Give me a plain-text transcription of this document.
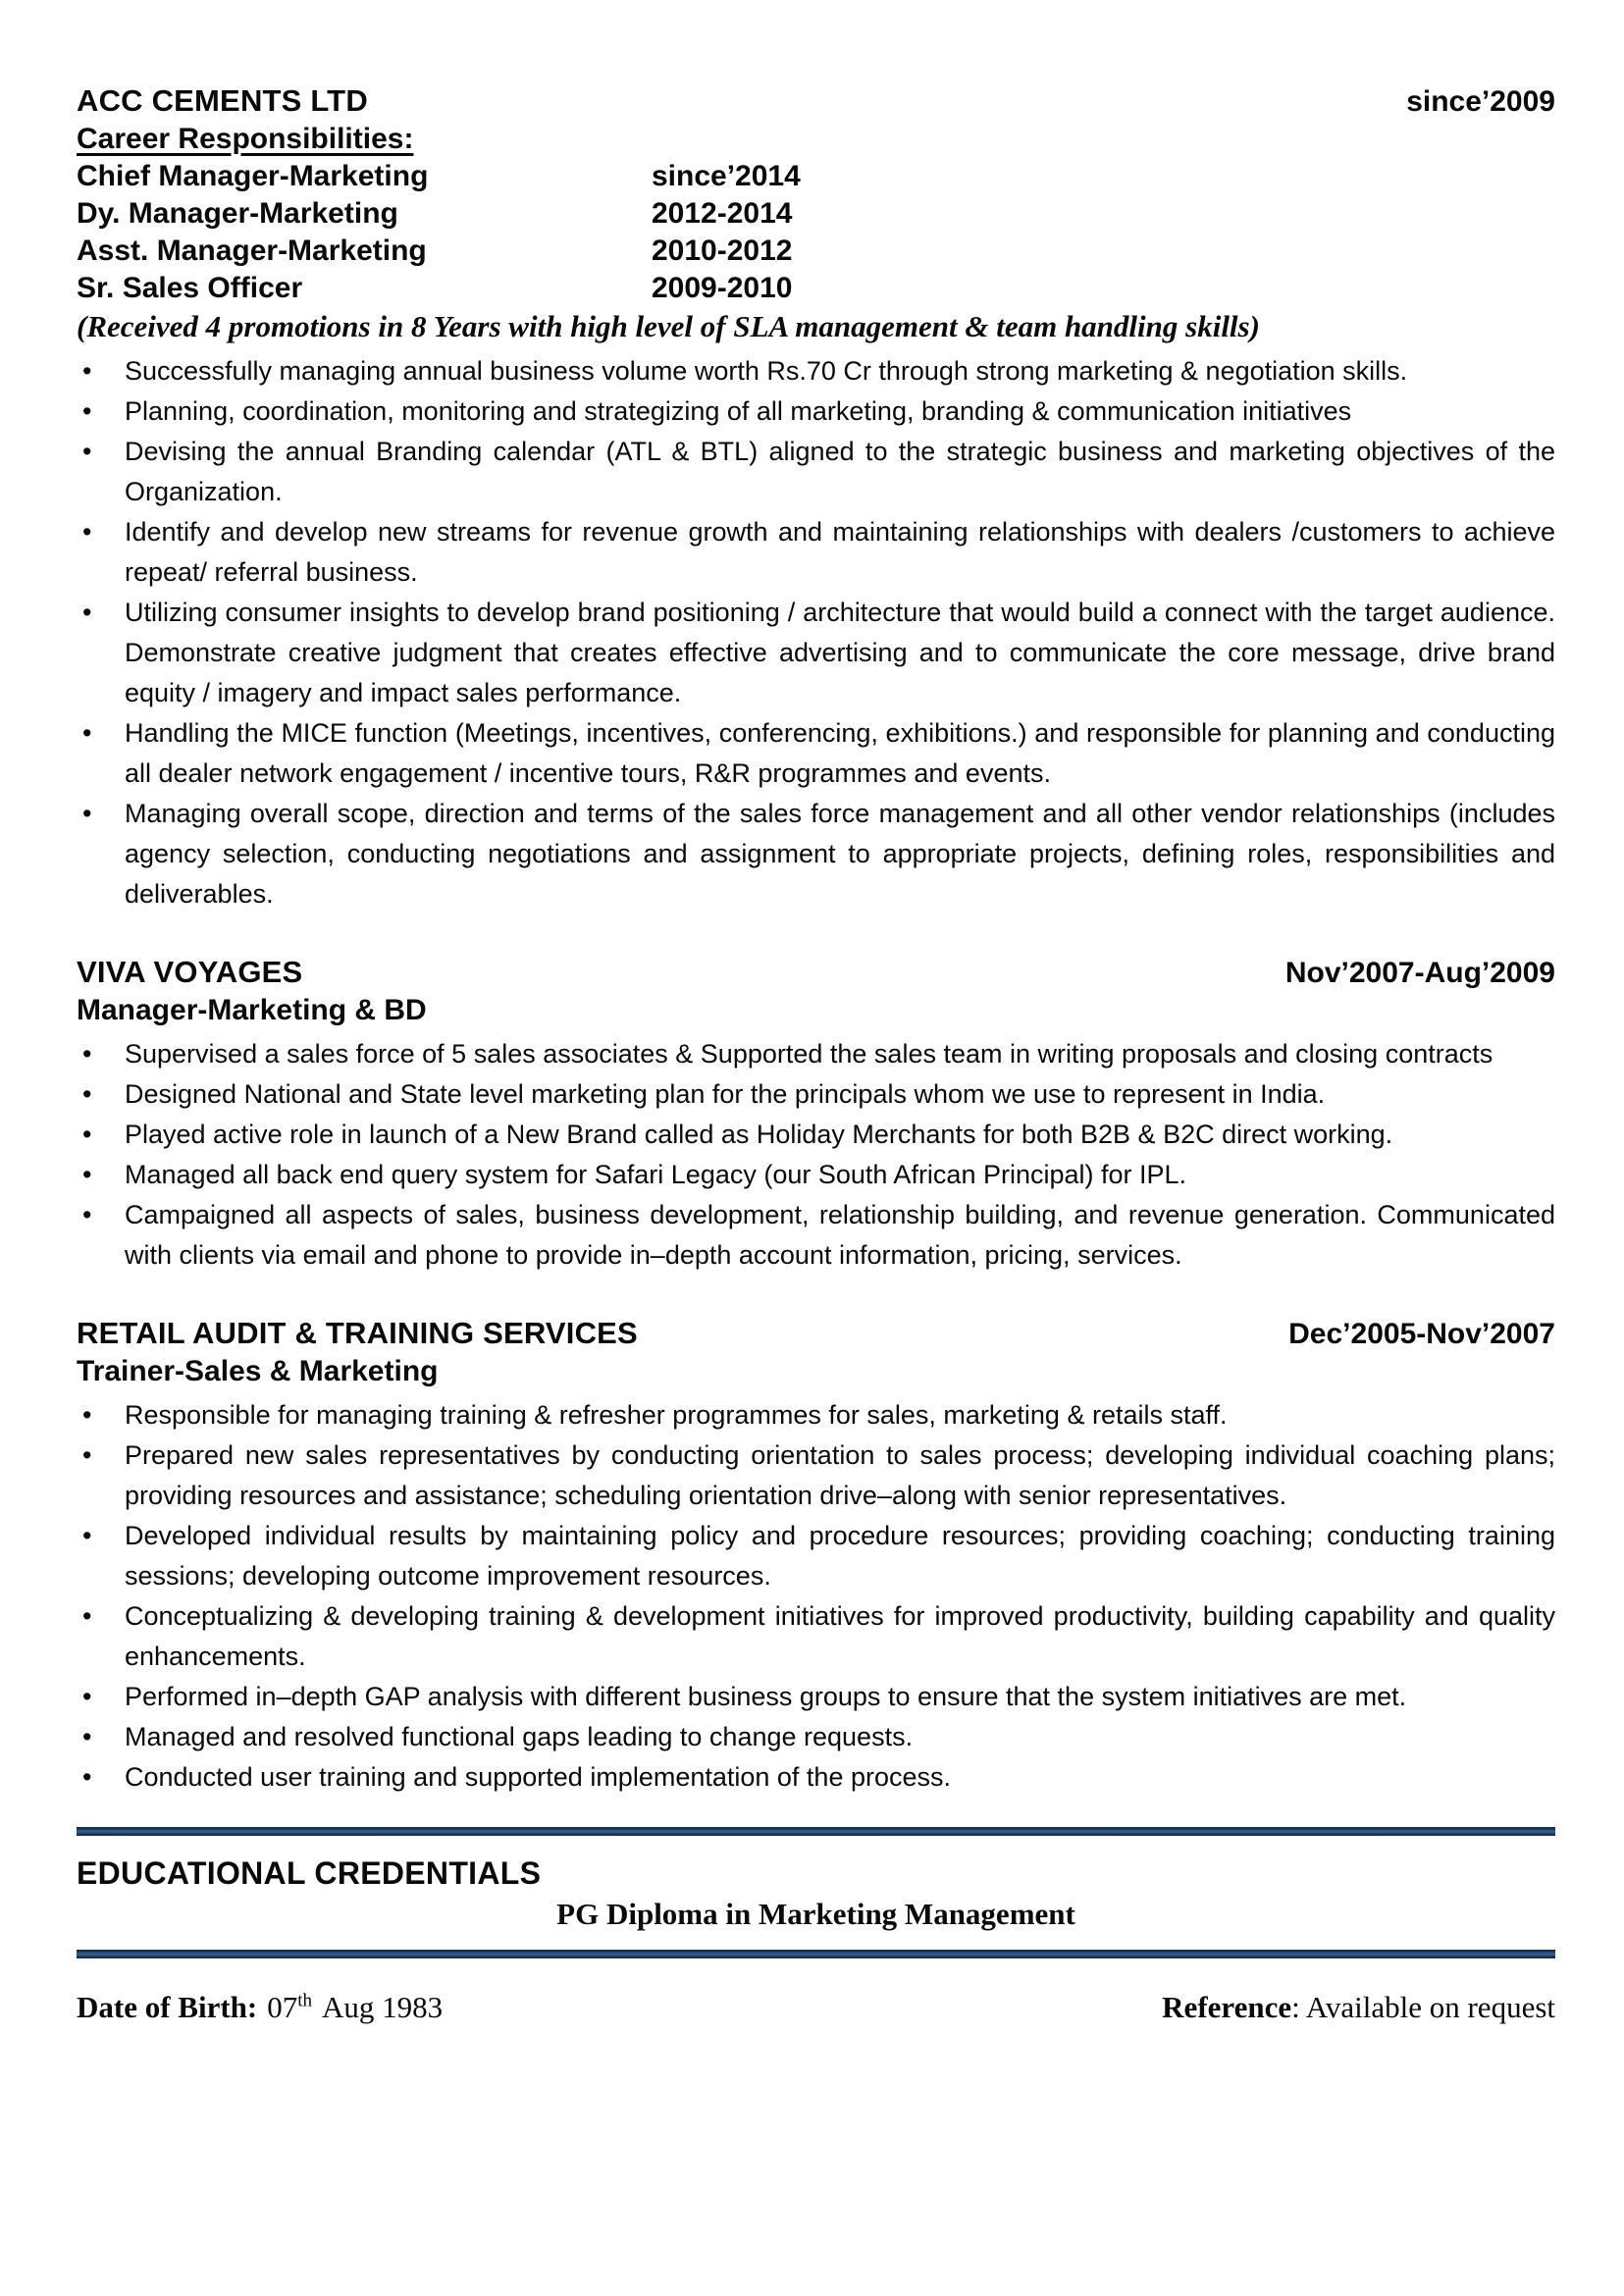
ACC CEMENTS LTD	since’2009
Career Responsibilities:
Chief Manager-Marketing	since’2014
Dy. Manager-Marketing	2012-2014
Asst. Manager-Marketing	2010-2012
Sr. Sales Officer	2009-2010
(Received 4 promotions in 8 Years with high level of SLA management & team handling skills)
• Successfully managing annual business volume worth Rs.70 Cr through strong marketing & negotiation skills.
• Planning, coordination, monitoring and strategizing of all marketing, branding & communication initiatives
• Devising the annual Branding calendar (ATL & BTL) aligned to the strategic business and marketing objectives of the Organization.
• Identify and develop new streams for revenue growth and maintaining relationships with dealers /customers to achieve repeat/ referral business.
• Utilizing consumer insights to develop brand positioning / architecture that would build a connect with the target audience. Demonstrate creative judgment that creates effective advertising and to communicate the core message, drive brand equity / imagery and impact sales performance.
• Handling the MICE function (Meetings, incentives, conferencing, exhibitions.) and responsible for planning and conducting all dealer network engagement / incentive tours, R&R programmes and events.
• Managing overall scope, direction and terms of the sales force management and all other vendor relationships (includes agency selection, conducting negotiations and assignment to appropriate projects, defining roles, responsibilities and deliverables.
VIVA VOYAGES	Nov’2007-Aug’2009
Manager-Marketing & BD
• Supervised a sales force of 5 sales associates & Supported the sales team in writing proposals and closing contracts
• Designed National and State level marketing plan for the principals whom we use to represent in India.
• Played active role in launch of a New Brand called as Holiday Merchants for both B2B & B2C direct working.
• Managed all back end query system for Safari Legacy (our South African Principal) for IPL.
• Campaigned all aspects of sales, business development, relationship building, and revenue generation. Communicated with clients via email and phone to provide in–depth account information, pricing, services.
RETAIL AUDIT & TRAINING SERVICES	Dec’2005-Nov’2007
Trainer-Sales & Marketing
• Responsible for managing training & refresher programmes for sales, marketing & retails staff.
• Prepared new sales representatives by conducting orientation to sales process; developing individual coaching plans; providing resources and assistance; scheduling orientation drive–along with senior representatives.
• Developed individual results by maintaining policy and procedure resources; providing coaching; conducting training sessions; developing outcome improvement resources.
• Conceptualizing & developing training & development initiatives for improved productivity, building capability and quality enhancements.
• Performed in–depth GAP analysis with different business groups to ensure that the system initiatives are met.
• Managed and resolved functional gaps leading to change requests.
• Conducted user training and supported implementation of the process.
EDUCATIONAL CREDENTIALS
PG Diploma in Marketing Management
Date of Birth: 07th Aug 1983	Reference: Available on request
